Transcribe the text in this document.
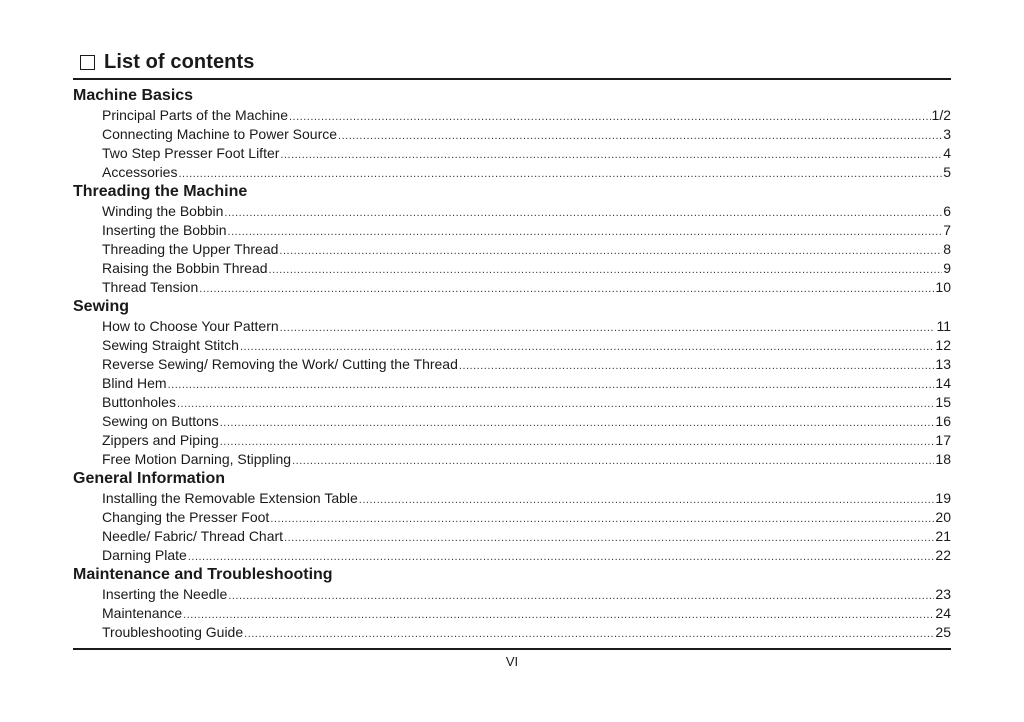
List of contents
Machine Basics
Principal Parts of the Machine .....	1/2
Connecting Machine to Power Source .....	3
Two Step Presser Foot Lifter .....	4
Accessories .....	5
Threading the Machine
Winding the Bobbin .....	6
Inserting the Bobbin .....	7
Threading the Upper Thread .....	8
Raising the Bobbin Thread .....	9
Thread Tension .....	10
Sewing
How to Choose Your Pattern .....	11
Sewing Straight Stitch .....	12
Reverse Sewing/ Removing the Work/ Cutting the Thread .....	13
Blind Hem .....	14
Buttonholes .....	15
Sewing on Buttons .....	16
Zippers and Piping .....	17
Free Motion Darning, Stippling .....	18
General Information
Installing the Removable Extension Table .....	19
Changing the Presser Foot .....	20
Needle/ Fabric/ Thread Chart .....	21
Darning Plate .....	22
Maintenance and Troubleshooting
Inserting the Needle .....	23
Maintenance .....	24
Troubleshooting Guide .....	25
VI
